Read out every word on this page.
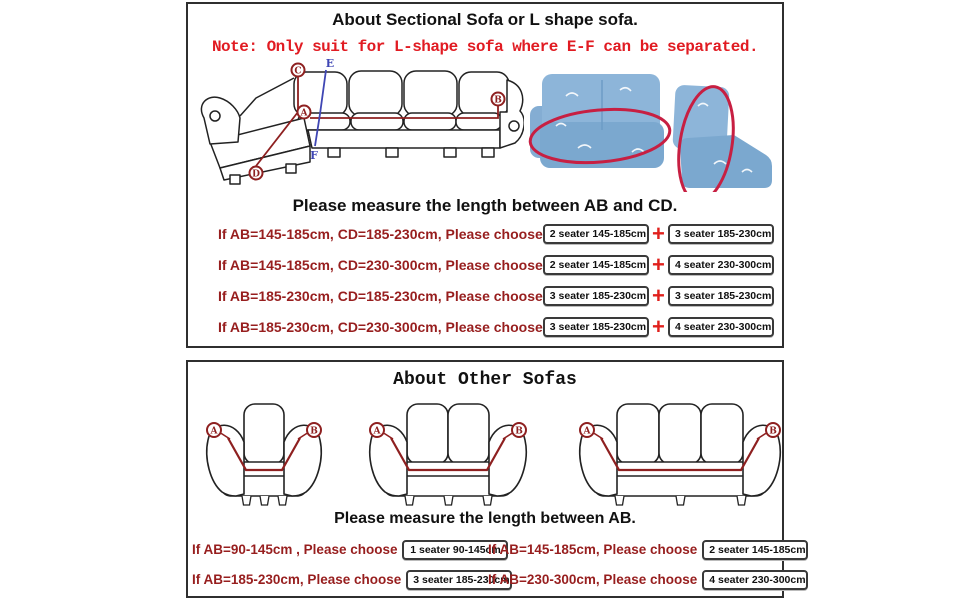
About Sectional Sofa or L shape sofa.
Note: Only suit for L-shape sofa where E-F can be separated.
C
A
B
D
E
F
Please measure the length between AB and CD.
If AB=145-185cm, CD=185-230cm, Please choose 2 seater 145-185cm + 3 seater 185-230cm
If AB=145-185cm, CD=230-300cm, Please choose 2 seater 145-185cm + 4 seater 230-300cm
If AB=185-230cm, CD=185-230cm, Please choose 3 seater 185-230cm + 3 seater 185-230cm
If AB=185-230cm, CD=230-300cm, Please choose 3 seater 185-230cm + 4 seater 230-300cm
About Other Sofas
A	B	A	B	A	B
Please measure the length between AB.
If AB=90-145cm , Please choose	1 seater 90-145cm
If AB=145-185cm, Please choose	2 seater 145-185cm
If AB=185-230cm, Please choose	3 seater 185-230cm
If AB=230-300cm, Please choose	4 seater 230-300cm
